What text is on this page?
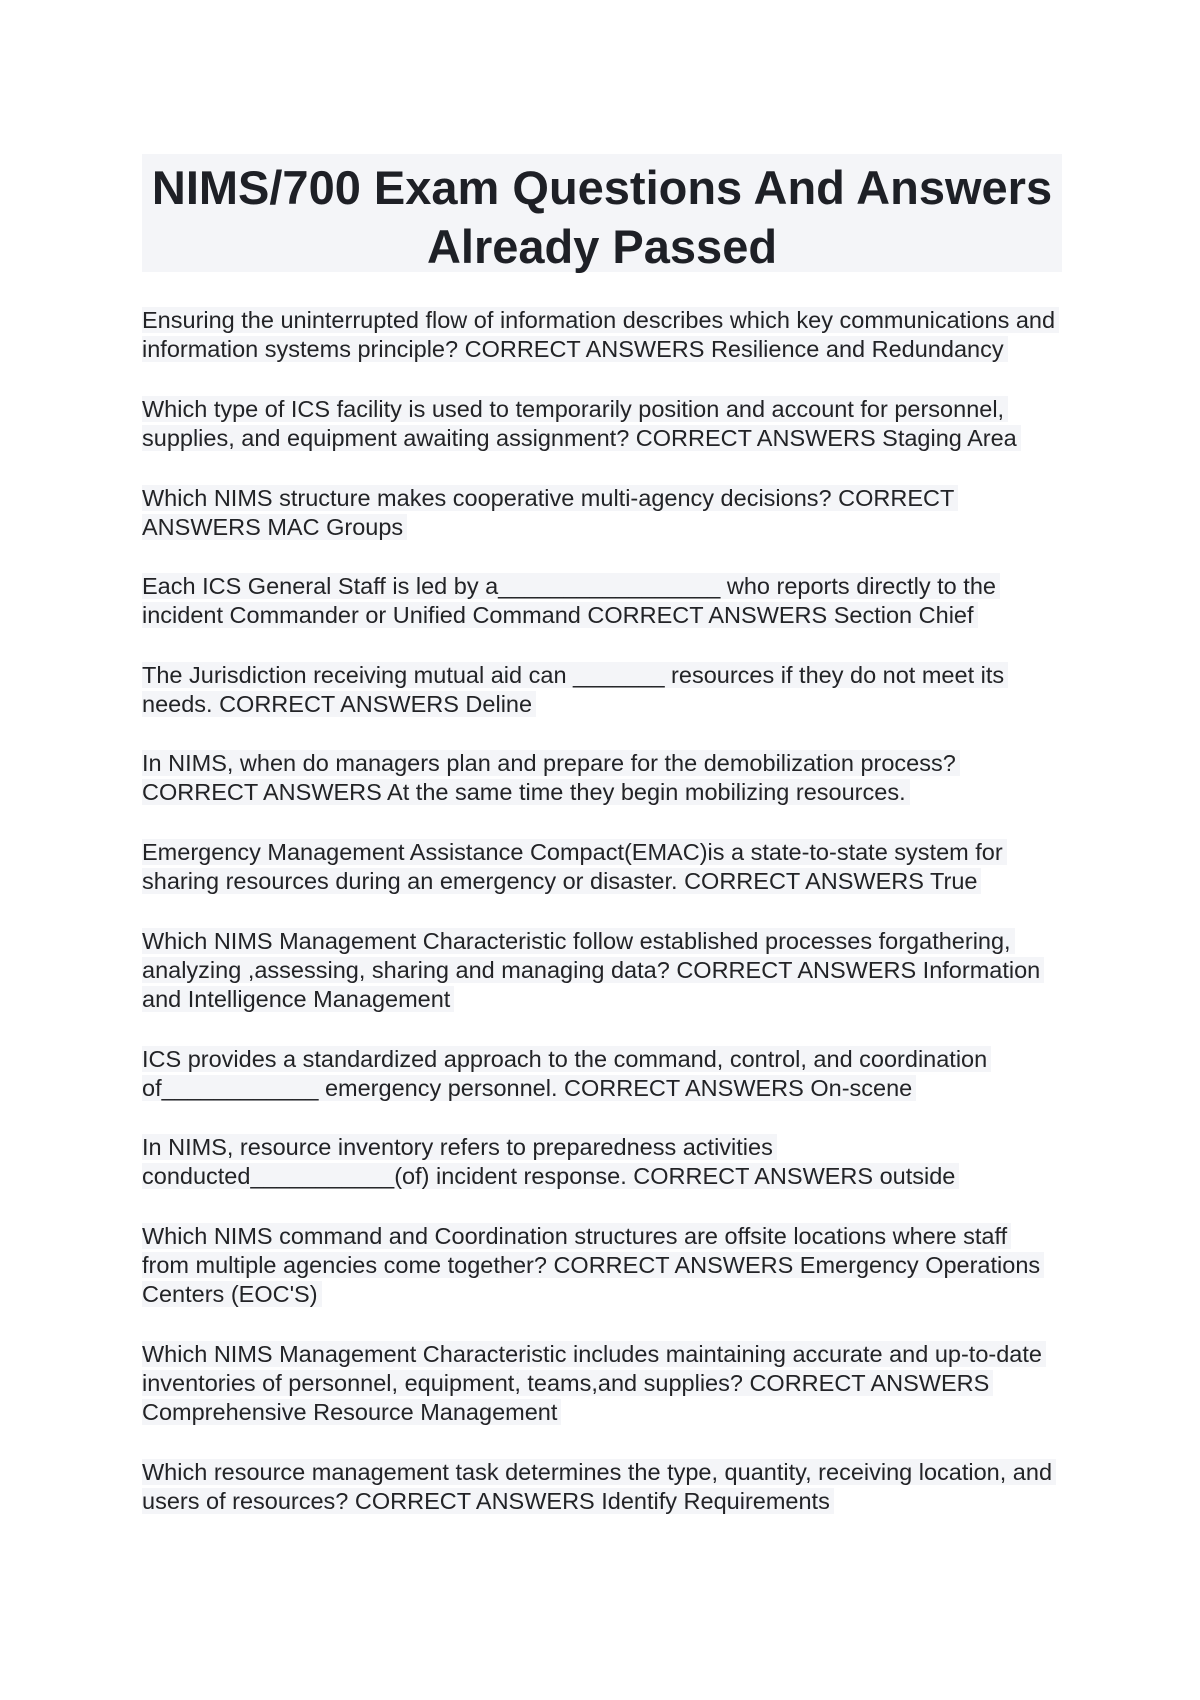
NIMS/700 Exam Questions And Answers
Already Passed
Ensuring the uninterrupted flow of information describes which key communications and
information systems principle? CORRECT ANSWERS Resilience and Redundancy
Which type of ICS facility is used to temporarily position and account for personnel,
supplies, and equipment awaiting assignment? CORRECT ANSWERS Staging Area
Which NIMS structure makes cooperative multi-agency decisions? CORRECT
ANSWERS MAC Groups
Each ICS General Staff is led by a_________________ who reports directly to the
incident Commander or Unified Command CORRECT ANSWERS Section Chief
The Jurisdiction receiving mutual aid can _______ resources if they do not meet its
needs. CORRECT ANSWERS Deline
In NIMS, when do managers plan and prepare for the demobilization process?
CORRECT ANSWERS At the same time they begin mobilizing resources.
Emergency Management Assistance Compact(EMAC)is a state-to-state system for
sharing resources during an emergency or disaster. CORRECT ANSWERS True
Which NIMS Management Characteristic follow established processes forgathering,
analyzing ,assessing, sharing and managing data? CORRECT ANSWERS Information
and Intelligence Management
ICS provides a standardized approach to the command, control, and coordination
of____________ emergency personnel. CORRECT ANSWERS On-scene
In NIMS, resource inventory refers to preparedness activities
conducted___________(of) incident response. CORRECT ANSWERS outside
Which NIMS command and Coordination structures are offsite locations where staff
from multiple agencies come together? CORRECT ANSWERS Emergency Operations
Centers (EOC'S)
Which NIMS Management Characteristic includes maintaining accurate and up-to-date
inventories of personnel, equipment, teams,and supplies? CORRECT ANSWERS
Comprehensive Resource Management
Which resource management task determines the type, quantity, receiving location, and
users of resources? CORRECT ANSWERS Identify Requirements
